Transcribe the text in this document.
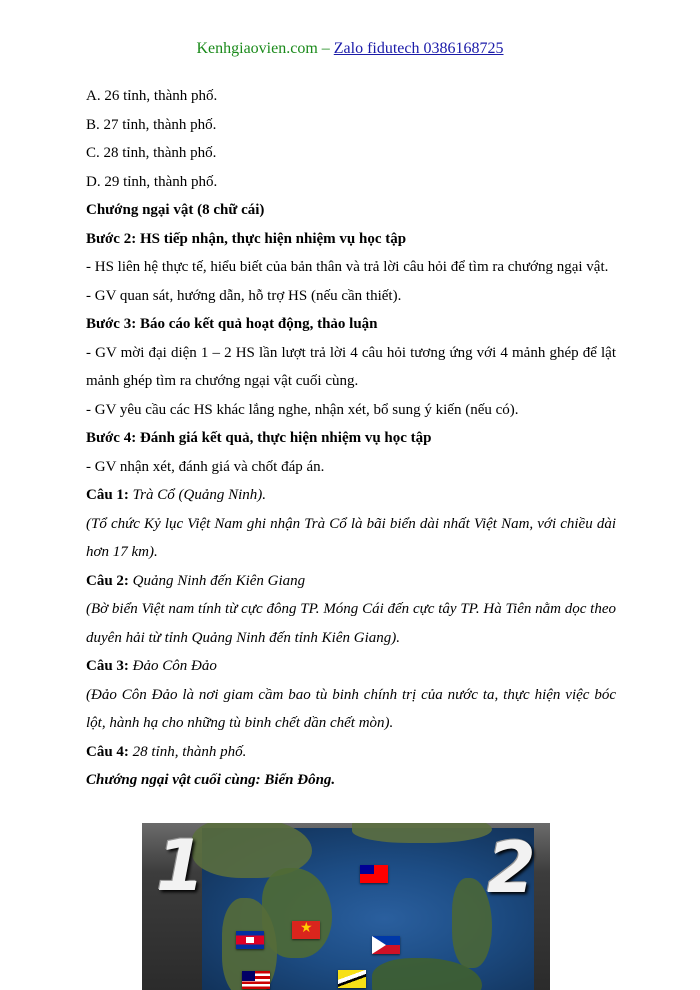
Kenhgiaovien.com – Zalo fidutech 0386168725

A. 26 tỉnh, thành phố.

B. 27 tỉnh, thành phố.

C. 28 tỉnh, thành phố.

D. 29 tỉnh, thành phố.

Chướng ngại vật (8 chữ cái)

Bước 2: HS tiếp nhận, thực hiện nhiệm vụ học tập

- HS liên hệ thực tế, hiểu biết của bản thân và trả lời câu hỏi để tìm ra chướng ngại vật.

- GV quan sát, hướng dẫn, hỗ trợ HS (nếu cần thiết).

Bước 3: Báo cáo kết quả hoạt động, thảo luận

- GV mời đại diện 1 – 2 HS lần lượt trả lời 4 câu hỏi tương ứng với 4 mảnh ghép để lật mảnh ghép tìm ra chướng ngại vật cuối cùng.

- GV yêu cầu các HS khác lắng nghe, nhận xét, bổ sung ý kiến (nếu có).

Bước 4: Đánh giá kết quả, thực hiện nhiệm vụ học tập

- GV nhận xét, đánh giá và chốt đáp án.

Câu 1: Trà Cổ (Quảng Ninh).

(Tổ chức Kỷ lục Việt Nam ghi nhận Trà Cổ là bãi biển dài nhất Việt Nam, với chiều dài hơn 17 km).

Câu 2: Quảng Ninh đến Kiên Giang

(Bờ biển Việt nam tính từ cực đông TP. Móng Cái đến cực tây TP. Hà Tiên nằm dọc theo duyên hải từ tỉnh Quảng Ninh đến tỉnh Kiên Giang).

Câu 3: Đảo Côn Đảo

(Đảo Côn Đảo là nơi giam cầm bao tù binh chính trị của nước ta, thực hiện việc bóc lột, hành hạ cho những tù binh chết dần chết mòn).

Câu 4: 28 tỉnh, thành phố.

Chướng ngại vật cuối cùng: Biển Đông.

1	2
★
